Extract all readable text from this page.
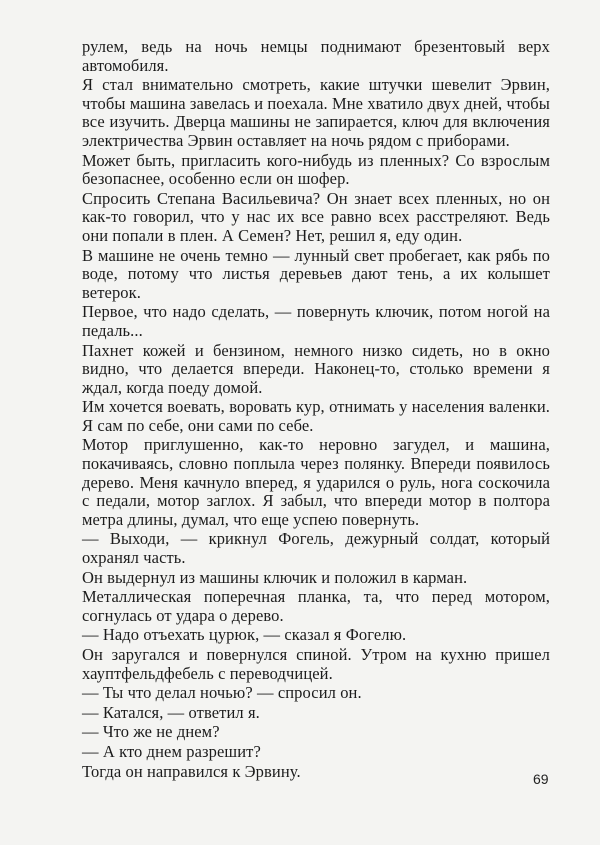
рулем, ведь на ночь немцы поднимают брезентовый верх автомобиля.

Я стал внимательно смотреть, какие штучки шевелит Эрвин, чтобы машина завелась и поехала. Мне хватило двух дней, чтобы все изучить. Дверца машины не запирается, ключ для включения электричества Эрвин оставляет на ночь рядом с приборами.

Может быть, пригласить кого-нибудь из пленных? Со взрослым безопаснее, особенно если он шофер.

Спросить Степана Васильевича? Он знает всех пленных, но он как-то говорил, что у нас их все равно всех расстреляют. Ведь они попали в плен. А Семен? Нет, решил я, еду один.

В машине не очень темно — лунный свет пробегает, как рябь по воде, потому что листья деревьев дают тень, а их колышет ветерок.

Первое, что надо сделать, — повернуть ключик, потом ногой на педаль...

Пахнет кожей и бензином, немного низко сидеть, но в окно видно, что делается впереди. Наконец-то, столько времени я ждал, когда поеду домой.

Им хочется воевать, воровать кур, отнимать у населения валенки. Я сам по себе, они сами по себе.

Мотор приглушенно, как-то неровно загудел, и машина, покачиваясь, словно поплыла через полянку. Впереди появилось дерево. Меня качнуло вперед, я ударился о руль, нога соскочила с педали, мотор заглох. Я забыл, что впереди мотор в полтора метра длины, думал, что еще успею повернуть.

— Выходи, — крикнул Фогель, дежурный солдат, который охранял часть.

Он выдернул из машины ключик и положил в карман.

Металлическая поперечная планка, та, что перед мотором, согнулась от удара о дерево.

— Надо отъехать цурюк, — сказал я Фогелю.

Он заругался и повернулся спиной. Утром на кухню пришел хауптфельдфебель с переводчицей.

— Ты что делал ночью? — спросил он.

— Катался, — ответил я.

— Что же не днем?

— А кто днем разрешит?

Тогда он направился к Эрвину.	69
